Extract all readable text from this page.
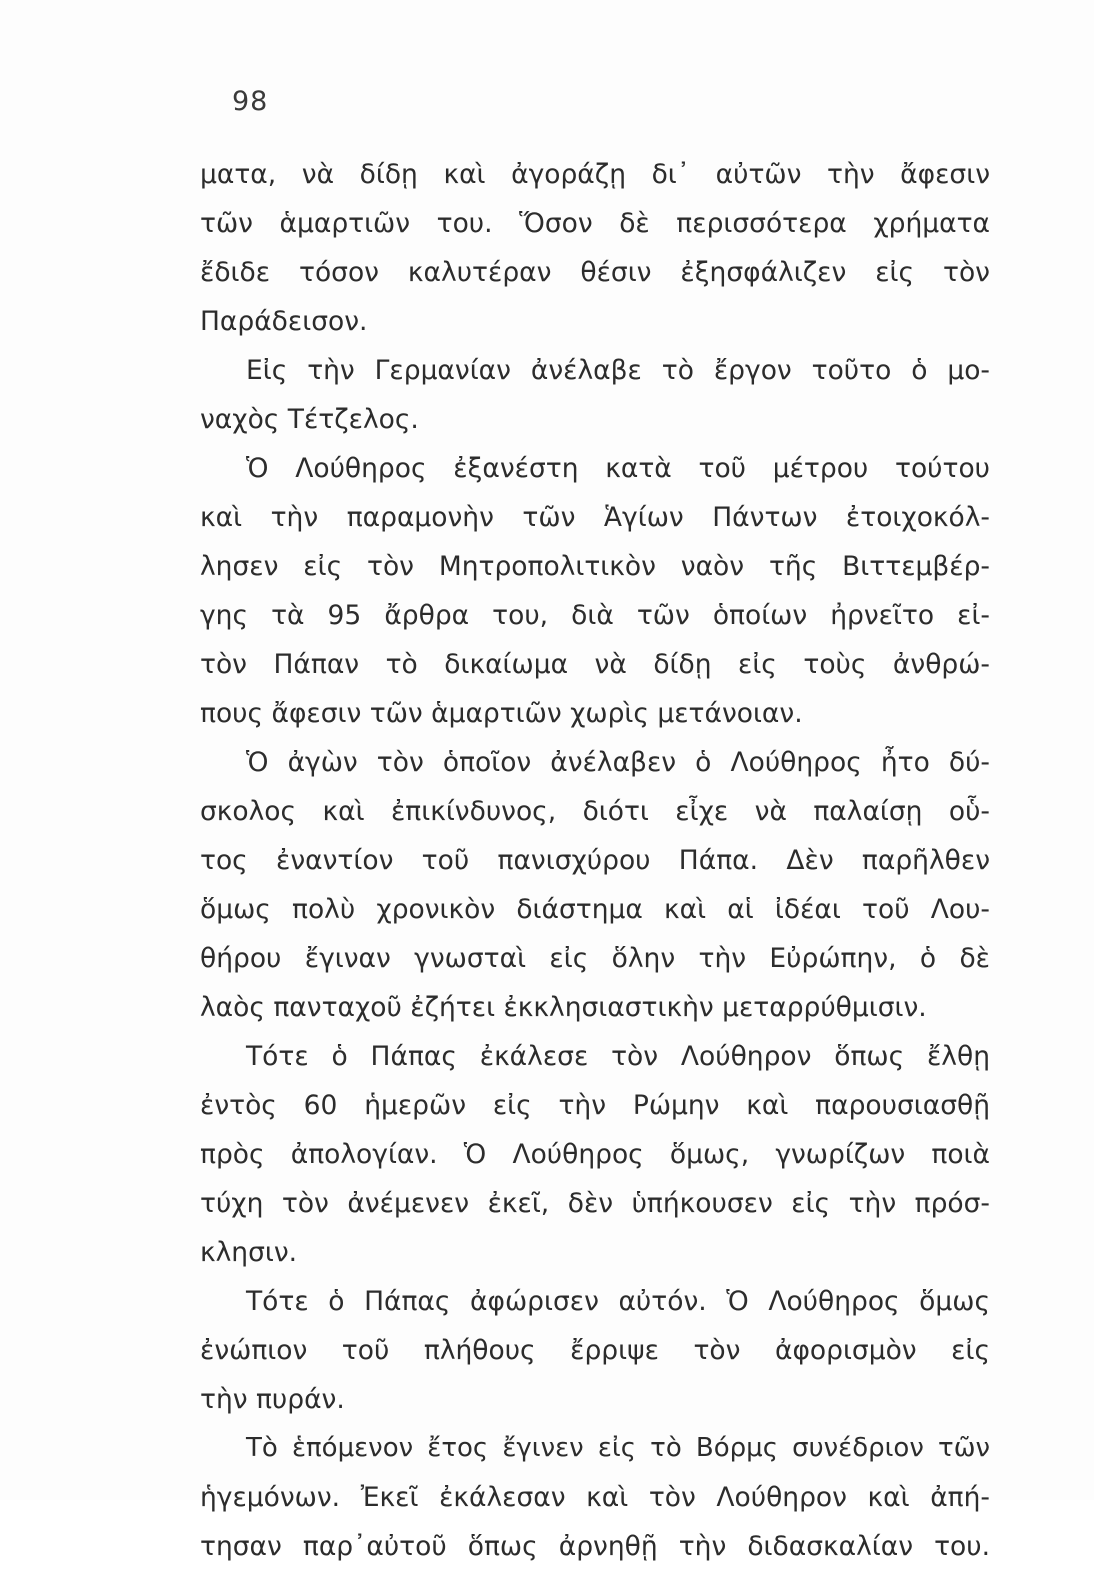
98
ματα, νὰ δίδῃ καὶ ἀγοράζῃ δι᾽ αὐτῶν τὴν ἄφεσιν
τῶν ἁμαρτιῶν του. Ὅσον δὲ περισσότερα χρήματα
ἔδιδε τόσον καλυτέραν θέσιν ἐξησφάλιζεν εἰς τὸν
Παράδεισον.
Εἰς τὴν Γερμανίαν ἀνέλαβε τὸ ἔργον τοῦτο ὁ μο-
ναχὸς Τέτζελος.
Ὁ Λούθηρος ἐξανέστη κατὰ τοῦ μέτρου τούτου
καὶ τὴν παραμονὴν τῶν Ἁγίων Πάντων ἐτοιχοκόλ-
λησεν εἰς τὸν Μητροπολιτικὸν ναὸν τῆς Βιττεμβέρ-
γης τὰ 95 ἄρθρα του, διὰ τῶν ὁποίων ἠρνεῖτο εἰ-
τὸν Πάπαν τὸ δικαίωμα νὰ δίδῃ εἰς τοὺς ἀνθρώ-
πους ἄφεσιν τῶν ἁμαρτιῶν χωρὶς μετάνοιαν.
Ὁ ἀγὼν τὸν ὁποῖον ἀνέλαβεν ὁ Λούθηρος ἦτο δύ-
σκολος καὶ ἐπικίνδυνος, διότι εἶχε νὰ παλαίσῃ οὗ-
τος ἐναντίον τοῦ πανισχύρου Πάπα. Δὲν παρῆλθεν
ὅμως πολὺ χρονικὸν διάστημα καὶ αἱ ἰδέαι τοῦ Λου-
θήρου ἔγιναν γνωσταὶ εἰς ὅλην τὴν Εὐρώπην, ὁ δὲ
λαὸς πανταχοῦ ἐζήτει ἐκκλησιαστικὴν μεταρρύθμισιν.
Τότε ὁ Πάπας ἐκάλεσε τὸν Λούθηρον ὅπως ἔλθῃ
ἐντὸς 60 ἡμερῶν εἰς τὴν Ρώμην καὶ παρουσιασθῇ
πρὸς ἀπολογίαν. Ὁ Λούθηρος ὅμως, γνωρίζων ποιὰ
τύχη τὸν ἀνέμενεν ἐκεῖ, δὲν ὑπήκουσεν εἰς τὴν πρόσ-
κλησιν.
Τότε ὁ Πάπας ἀφώρισεν αὐτόν. Ὁ Λούθηρος ὅμως
ἐνώπιον τοῦ πλήθους ἔρριψε τὸν ἀφορισμὸν εἰς
τὴν πυράν.
Τὸ ἑπόμενον ἔτος ἔγινεν εἰς τὸ Βόρμς συνέδριον τῶν
ἡγεμόνων. Ἐκεῖ ἐκάλεσαν καὶ τὸν Λούθηρον καὶ ἀπή-
τησαν παρ᾽αὐτοῦ ὅπως ἀρνηθῇ τὴν διδασκαλίαν του.
